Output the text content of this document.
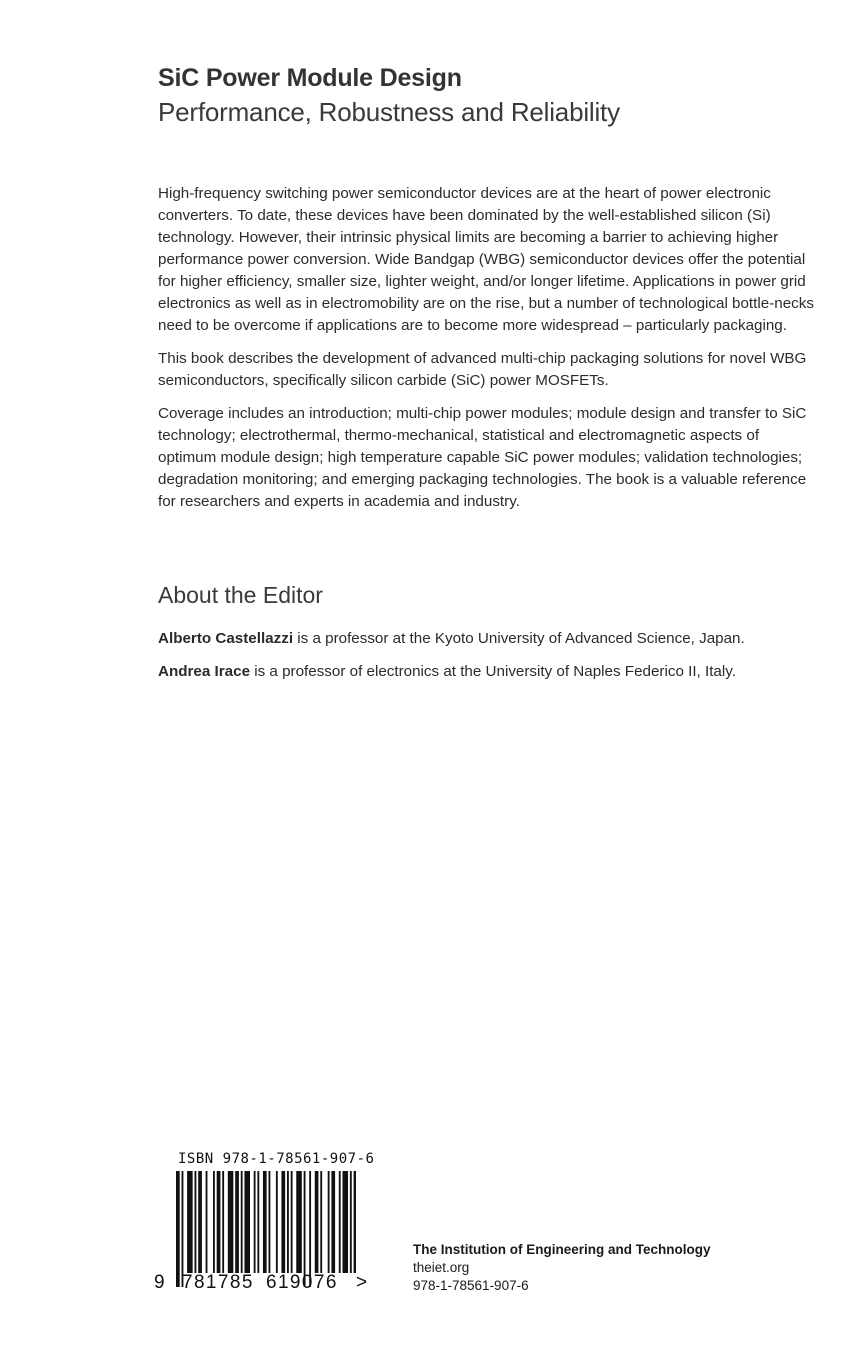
SiC Power Module Design
Performance, Robustness and Reliability

High-frequency switching power semiconductor devices are at the heart of power electronic converters. To date, these devices have been dominated by the well-established silicon (Si) technology. However, their intrinsic physical limits are becoming a barrier to achieving higher performance power conversion. Wide Bandgap (WBG) semiconductor devices offer the potential for higher efficiency, smaller size, lighter weight, and/or longer lifetime. Applications in power grid electronics as well as in electromobility are on the rise, but a number of technological bottle-necks need to be overcome if applications are to become more widespread – particularly packaging.

This book describes the development of advanced multi-chip packaging solutions for novel WBG semiconductors, specifically silicon carbide (SiC) power MOSFETs.

Coverage includes an introduction; multi-chip power modules; module design and transfer to SiC technology; electrothermal, thermo-mechanical, statistical and electromagnetic aspects of optimum module design; high temperature capable SiC power modules; validation technologies; degradation monitoring; and emerging packaging technologies. The book is a valuable reference for researchers and experts in academia and industry.

About the Editor

Alberto Castellazzi is a professor at the Kyoto University of Advanced Science, Japan.

Andrea Irace is a professor of electronics at the University of Naples Federico II, Italy.

ISBN 978-1-78561-907-6
9 781785 619076 >
The Institution of Engineering and Technology
theiet.org
978-1-78561-907-6
